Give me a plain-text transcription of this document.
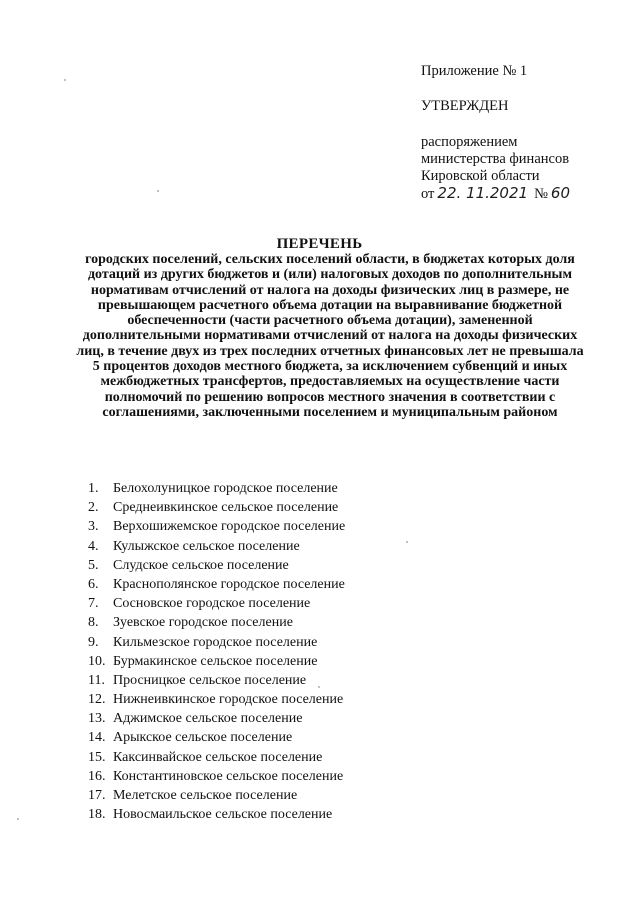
Приложение № 1
УТВЕРЖДЕН
распоряжением
министерства финансов
Кировской области
от 22. 11.2021 № 60
ПЕРЕЧЕНЬ

городских поселений, сельских поселений области, в бюджетах которых доля дотаций из других бюджетов и (или) налоговых доходов по дополнительным нормативам отчислений от налога на доходы физических лиц в размере, не превышающем расчетного объема дотации на выравнивание бюджетной обеспеченности (части расчетного объема дотации), замененной дополнительными нормативами отчислений от налога на доходы физических лиц, в течение двух из трех последних отчетных финансовых лет не превышала 5 процентов доходов местного бюджета, за исключением субвенций и иных межбюджетных трансфертов, предоставляемых на осуществление части полномочий по решению вопросов местного значения в соответствии с соглашениями, заключенными поселением и муниципальным районом

1. Белохолуницкое городское поселение
2. Среднеивкинское сельское поселение
3. Верхошижемское городское поселение
4. Кулыжское сельское поселение
5. Слудское сельское поселение
6. Краснополянское городское поселение
7. Сосновское городское поселение
8. Зуевское городское поселение
9. Кильмезское городское поселение
10. Бурмакинское сельское поселение
11. Просницкое сельское поселение
12. Нижнеивкинское городское поселение
13. Аджимское сельское поселение
14. Арыкское сельское поселение
15. Каксинвайское сельское поселение
16. Константиновское сельское поселение
17. Мелетское сельское поселение
18. Новосмаильское сельское поселение
